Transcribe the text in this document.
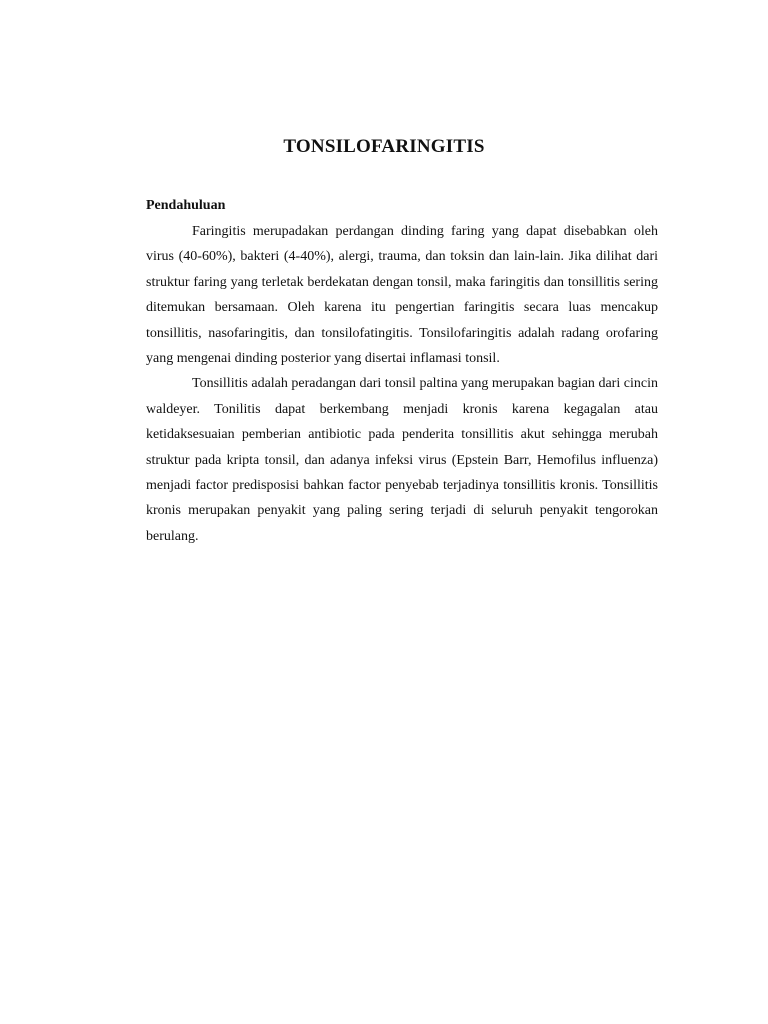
TONSILOFARINGITIS

Pendahuluan

Faringitis merupadakan perdangan dinding faring yang dapat disebabkan oleh virus (40-60%), bakteri (4-40%), alergi, trauma, dan toksin dan lain-lain. Jika dilihat dari struktur faring yang terletak berdekatan dengan tonsil, maka faringitis dan tonsillitis sering ditemukan bersamaan. Oleh karena itu pengertian faringitis secara luas mencakup tonsillitis, nasofaringitis, dan tonsilofatingitis. Tonsilofaringitis adalah radang orofaring yang mengenai dinding posterior yang disertai inflamasi tonsil.

Tonsillitis adalah peradangan dari tonsil paltina yang merupakan bagian dari cincin waldeyer. Tonilitis dapat berkembang menjadi kronis karena kegagalan atau ketidaksesuaian pemberian antibiotic pada penderita tonsillitis akut sehingga merubah struktur pada kripta tonsil, dan adanya infeksi virus (Epstein Barr, Hemofilus influenza) menjadi factor predisposisi bahkan factor penyebab terjadinya tonsillitis kronis. Tonsillitis kronis merupakan penyakit yang paling sering terjadi di seluruh penyakit tengorokan berulang.
